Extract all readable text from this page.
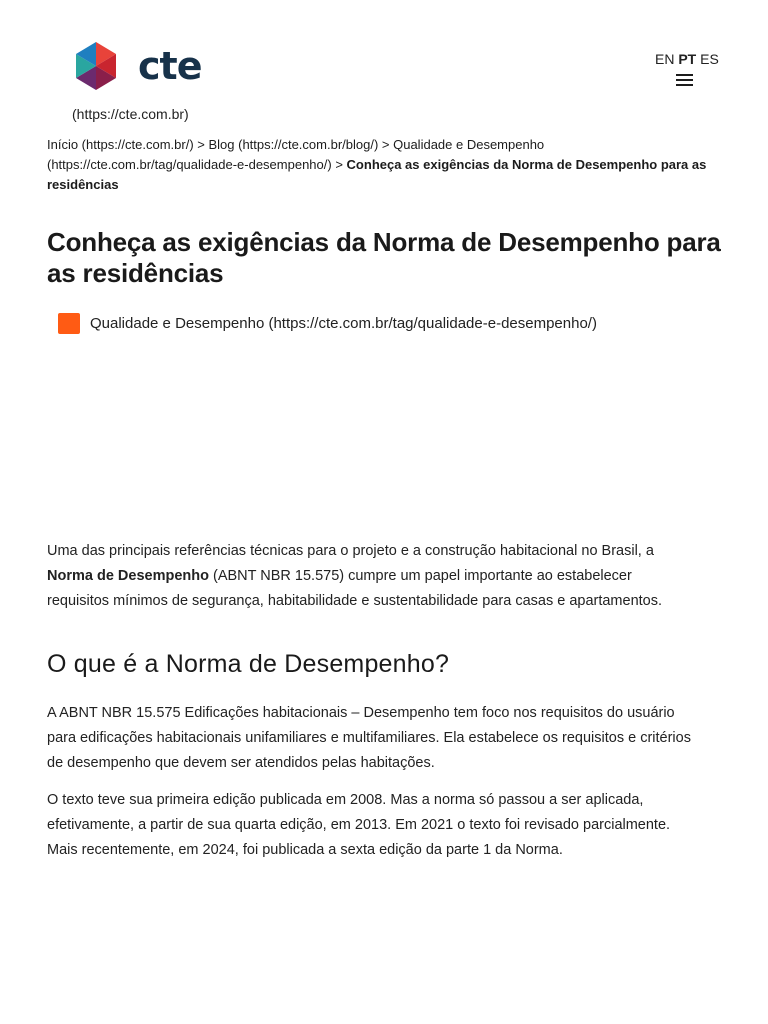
cte
(https://cte.com.br)
EN PT ES
Início (https://cte.com.br/) > Blog (https://cte.com.br/blog/) > Qualidade e Desempenho (https://cte.com.br/tag/qualidade-e-desempenho/) > Conheça as exigências da Norma de Desempenho para as residências
Conheça as exigências da Norma de Desempenho para as residências
Qualidade e Desempenho (https://cte.com.br/tag/qualidade-e-desempenho/)

Uma das principais referências técnicas para o projeto e a construção habitacional no Brasil, a Norma de Desempenho (ABNT NBR 15.575) cumpre um papel importante ao estabelecer requisitos mínimos de segurança, habitabilidade e sustentabilidade para casas e apartamentos.

O que é a Norma de Desempenho?

A ABNT NBR 15.575 Edificações habitacionais – Desempenho tem foco nos requisitos do usuário para edificações habitacionais unifamiliares e multifamiliares. Ela estabelece os requisitos e critérios de desempenho que devem ser atendidos pelas habitações.

O texto teve sua primeira edição publicada em 2008. Mas a norma só passou a ser aplicada, efetivamente, a partir de sua quarta edição, em 2013. Em 2021 o texto foi revisado parcialmente. Mais recentemente, em 2024, foi publicada a sexta edição da parte 1 da Norma.
